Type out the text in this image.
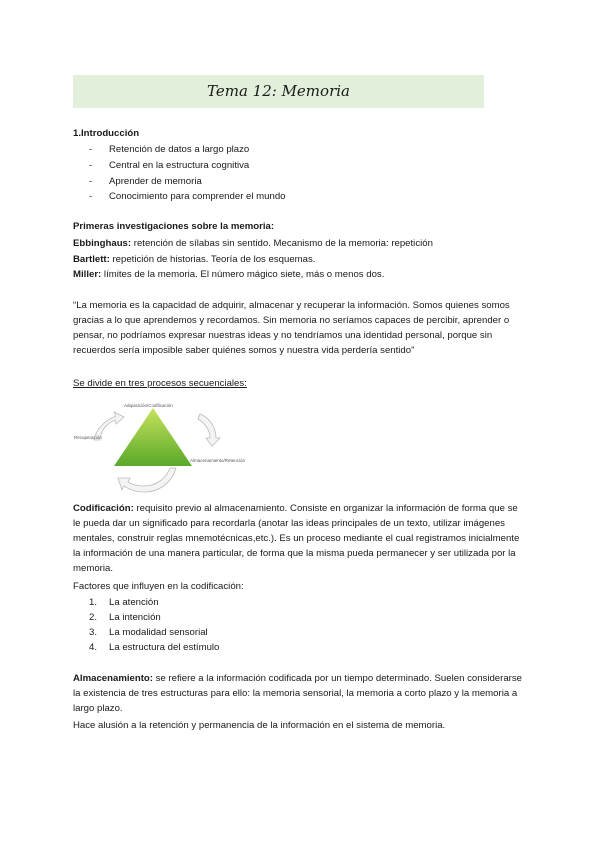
Tema 12: Memoria
1.Introducción
- Retención de datos a largo plazo
- Central en la estructura cognitiva
- Aprender de memoria
- Conocimiento para comprender el mundo
Primeras investigaciones sobre la memoria:
Ebbinghaus: retención de sílabas sin sentido. Mecanismo de la memoria: repetición
Bartlett: repetición de historias. Teoría de los esquemas.
Miller: límites de la memoria. El número mágico siete, más o menos dos.
“La memoria es la capacidad de adquirir, almacenar y recuperar la información. Somos quienes somos gracias a lo que aprendemos y recordamos. Sin memoria no seríamos capaces de percibir, aprender o pensar, no podríamos expresar nuestras ideas y no tendríamos una identidad personal, porque sin recuerdos sería imposible saber quiénes somos y nuestra vida perdería sentido”
Se divide en tres procesos secuenciales:
Adquisición/Codificación
Almacenamiento/Retención
Recuperación
Codificación: requisito previo al almacenamiento. Consiste en organizar la información de forma que se le pueda dar un significado para recordarla (anotar las ideas principales de un texto, utilizar imágenes mentales, construir reglas mnemotécnicas,etc.). Es un proceso mediante el cual registramos inicialmente la información de una manera particular, de forma que la misma pueda permanecer y ser utilizada por la memoria.
Factores que influyen en la codificación:
1. La atención
2. La intención
3. La modalidad sensorial
4. La estructura del estímulo
Almacenamiento: se refiere a la información codificada por un tiempo determinado. Suelen considerarse la existencia de tres estructuras para ello: la memoria sensorial, la memoria a corto plazo y la memoria a largo plazo.
Hace alusión a la retención y permanencia de la información en el sistema de memoria.
